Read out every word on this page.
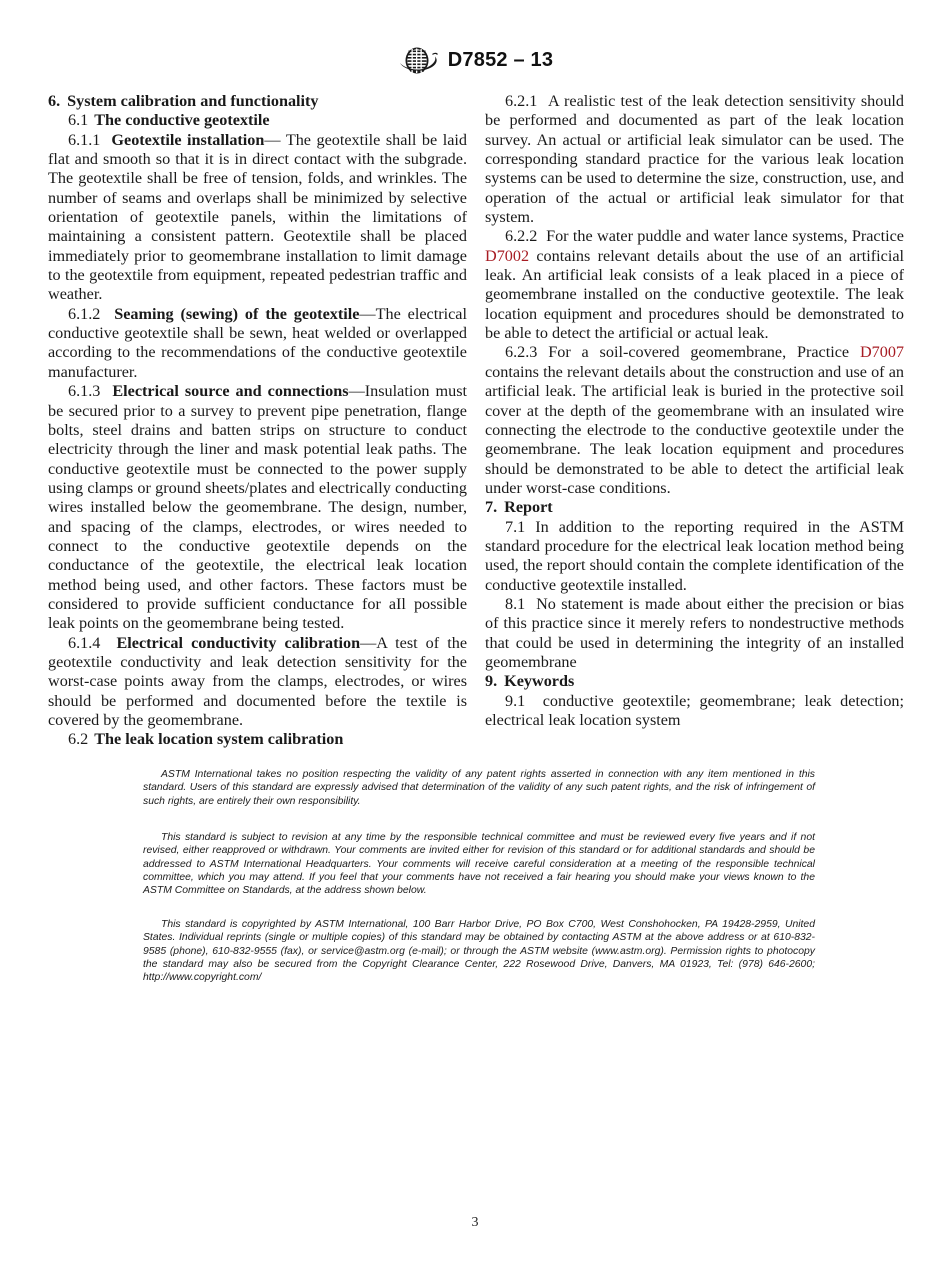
D7852 – 13
6. System calibration and functionality
6.1 The conductive geotextile

6.1.1 Geotextile installation— The geotextile shall be laid flat and smooth so that it is in direct contact with the subgrade. The geotextile shall be free of tension, folds, and wrinkles. The number of seams and overlaps shall be minimized by selective orientation of geotextile panels, within the limitations of maintaining a consistent pattern. Geotextile shall be placed immediately prior to geomembrane installation to limit damage to the geotextile from equipment, repeated pedestrian traffic and weather.

6.1.2 Seaming (sewing) of the geotextile—The electrical conductive geotextile shall be sewn, heat welded or overlapped according to the recommendations of the conductive geotextile manufacturer.

6.1.3 Electrical source and connections—Insulation must be secured prior to a survey to prevent pipe penetration, flange bolts, steel drains and batten strips on structure to conduct electricity through the liner and mask potential leak paths. The conductive geotextile must be connected to the power supply using clamps or ground sheets/plates and electrically conducting wires installed below the geomembrane. The design, number, and spacing of the clamps, electrodes, or wires needed to connect to the conductive geotextile depends on the conductance of the geotextile, the electrical leak location method being used, and other factors. These factors must be considered to provide sufficient conductance for aIl possible leak points on the geomembrane being tested.

6.1.4 Electrical conductivity calibration—A test of the geotextile conductivity and leak detection sensitivity for the worst-case points away from the clamps, electrodes, or wires should be performed and documented before the textile is covered by the geomembrane.

6.2 The leak location system calibration

6.2.1 A realistic test of the leak detection sensitivity should be performed and documented as part of the leak location survey. An actual or artificial leak simulator can be used. The corresponding standard practice for the various leak location systems can be used to determine the size, construction, use, and operation of the actual or artificial leak simulator for that system.

6.2.2 For the water puddle and water lance systems, Practice D7002 contains relevant details about the use of an artificial leak. An artificial leak consists of a leak placed in a piece of geomembrane installed on the conductive geotextile. The leak location equipment and procedures should be demonstrated to be able to detect the artificial or actual leak.

6.2.3 For a soil-covered geomembrane, Practice D7007 contains the relevant details about the construction and use of an artificial leak. The artificial leak is buried in the protective soil cover at the depth of the geomembrane with an insulated wire connecting the electrode to the conductive geotextile under the geomembrane. The leak location equipment and procedures should be demonstrated to be able to detect the artificial leak under worst-case conditions.

7. Report

7.1 In addition to the reporting required in the ASTM standard procedure for the electrical leak location method being used, the report should contain the complete identification of the conductive geotextile installed.

8.1 No statement is made about either the precision or bias of this practice since it merely refers to nondestructive methods that could be used in determining the integrity of an installed geomembrane

9. Keywords

9.1 conductive geotextile; geomembrane; leak detection; electrical leak location system

ASTM International takes no position respecting the validity of any patent rights asserted in connection with any item mentioned in this standard. Users of this standard are expressly advised that determination of the validity of any such patent rights, and the risk of infringement of such rights, are entirely their own responsibility.

This standard is subject to revision at any time by the responsible technical committee and must be reviewed every five years and if not revised, either reapproved or withdrawn. Your comments are invited either for revision of this standard or for additional standards and should be addressed to ASTM International Headquarters. Your comments will receive careful consideration at a meeting of the responsible technical committee, which you may attend. If you feel that your comments have not received a fair hearing you should make your views known to the ASTM Committee on Standards, at the address shown below.

This standard is copyrighted by ASTM International, 100 Barr Harbor Drive, PO Box C700, West Conshohocken, PA 19428-2959, United States. Individual reprints (single or multiple copies) of this standard may be obtained by contacting ASTM at the above address or at 610-832-9585 (phone), 610-832-9555 (fax), or service@astm.org (e-mail); or through the ASTM website (www.astm.org). Permission rights to photocopy the standard may also be secured from the Copyright Clearance Center, 222 Rosewood Drive, Danvers, MA 01923, Tel: (978) 646-2600; http://www.copyright.com/

3
